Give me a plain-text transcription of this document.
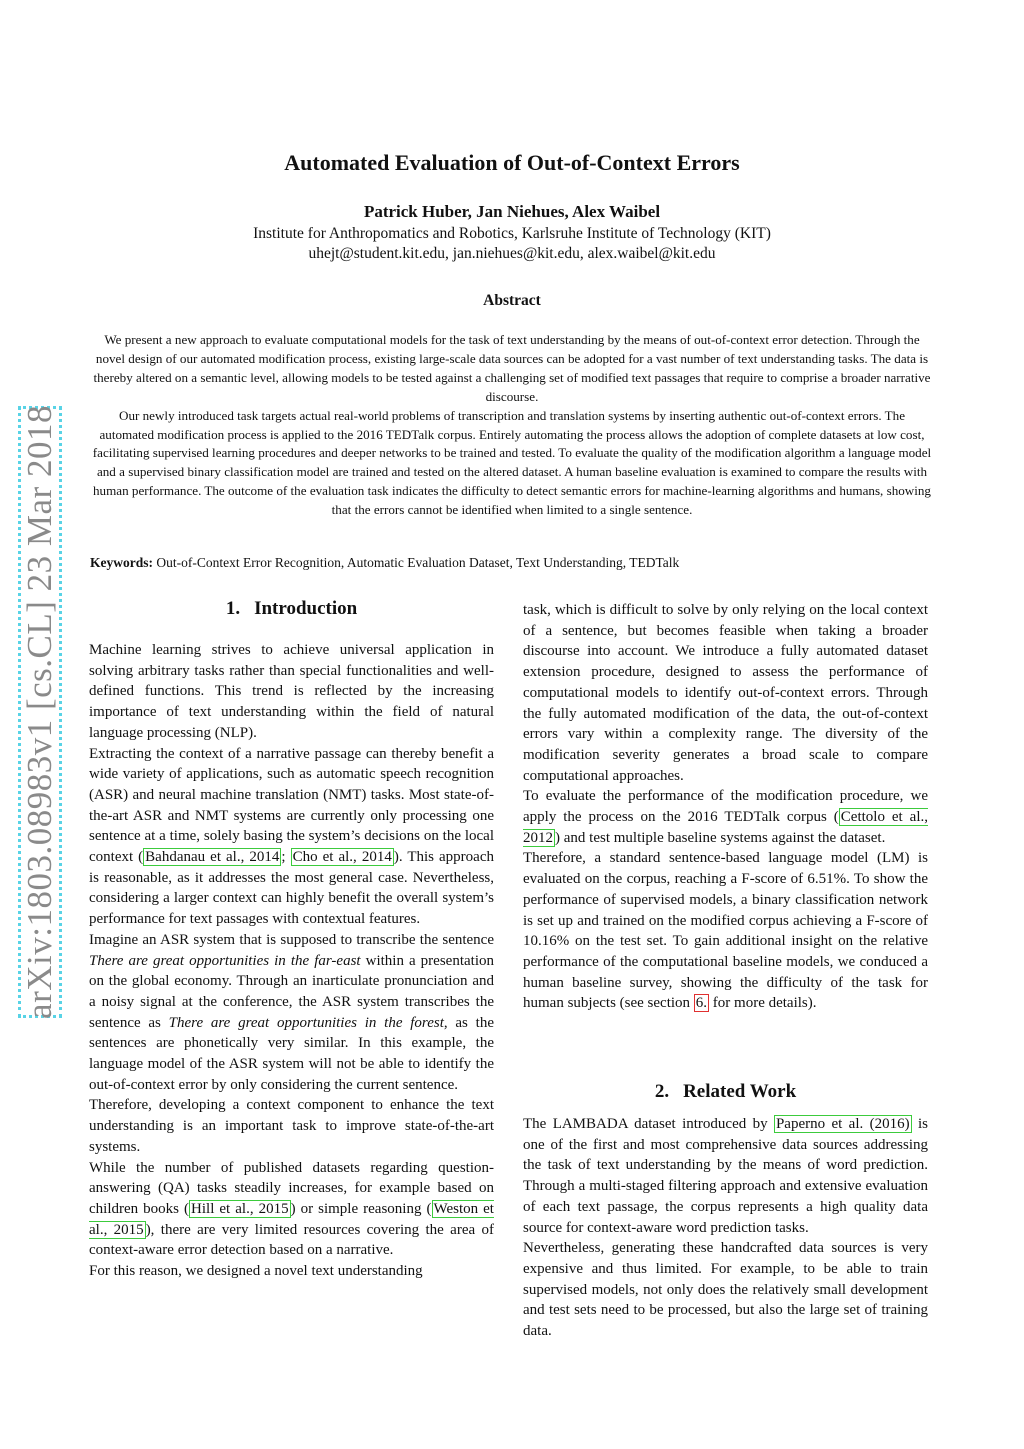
arXiv:1803.08983v1 [cs.CL] 23 Mar 2018
Automated Evaluation of Out-of-Context Errors
Patrick Huber, Jan Niehues, Alex Waibel
Institute for Anthropomatics and Robotics, Karlsruhe Institute of Technology (KIT)
uhejt@student.kit.edu, jan.niehues@kit.edu, alex.waibel@kit.edu
Abstract

We present a new approach to evaluate computational models for the task of text understanding by the means of out-of-context error detection. Through the novel design of our automated modification process, existing large-scale data sources can be adopted for a vast number of text understanding tasks. The data is thereby altered on a semantic level, allowing models to be tested against a challenging set of modified text passages that require to comprise a broader narrative discourse.

Our newly introduced task targets actual real-world problems of transcription and translation systems by inserting authentic out-of-context errors. The automated modification process is applied to the 2016 TEDTalk corpus. Entirely automating the process allows the adoption of complete datasets at low cost, facilitating supervised learning procedures and deeper networks to be trained and tested. To evaluate the quality of the modification algorithm a language model and a supervised binary classification model are trained and tested on the altered dataset. A human baseline evaluation is examined to compare the results with human performance. The outcome of the evaluation task indicates the difficulty to detect semantic errors for machine-learning algorithms and humans, showing that the errors cannot be identified when limited to a single sentence.

Keywords: Out-of-Context Error Recognition, Automatic Evaluation Dataset, Text Understanding, TEDTalk
1. Introduction

Machine learning strives to achieve universal application in solving arbitrary tasks rather than special functionalities and well-defined functions. This trend is reflected by the increasing importance of text understanding within the field of natural language processing (NLP).

Extracting the context of a narrative passage can thereby benefit a wide variety of applications, such as automatic speech recognition (ASR) and neural machine translation (NMT) tasks. Most state-of-the-art ASR and NMT systems are currently only processing one sentence at a time, solely basing the system’s decisions on the local context ( Bahdanau et al., 2014 ; Cho et al., 2014 ). This approach is reasonable, as it addresses the most general case. Nevertheless, considering a larger context can highly benefit the overall system’s performance for text passages with contextual features.

Imagine an ASR system that is supposed to transcribe the sentence There are great opportunities in the far-east within a presentation on the global economy. Through an inarticulate pronunciation and a noisy signal at the conference, the ASR system transcribes the sentence as There are great opportunities in the forest, as the sentences are phonetically very similar. In this example, the language model of the ASR system will not be able to identify the out-of-context error by only considering the current sentence.

Therefore, developing a context component to enhance the text understanding is an important task to improve state-of-the-art systems.

While the number of published datasets regarding question-answering (QA) tasks steadily increases, for example based on children books ( Hill et al., 2015 ) or simple reasoning ( Weston et al., 2015 ), there are very limited resources covering the area of context-aware error detection based on a narrative.

For this reason, we designed a novel text understanding

task, which is difficult to solve by only relying on the local context of a sentence, but becomes feasible when taking a broader discourse into account. We introduce a fully automated dataset extension procedure, designed to assess the performance of computational models to identify out-of-context errors. Through the fully automated modification of the data, the out-of-context errors vary within a complexity range. The diversity of the modification severity generates a broad scale to compare computational approaches.

To evaluate the performance of the modification procedure, we apply the process on the 2016 TEDTalk corpus ( Cettolo et al., 2012 ) and test multiple baseline systems against the dataset.

Therefore, a standard sentence-based language model (LM) is evaluated on the corpus, reaching a F-score of 6.51%. To show the performance of supervised models, a binary classification network is set up and trained on the modified corpus achieving a F-score of 10.16% on the test set. To gain additional insight on the relative performance of the computational baseline models, we conduced a human baseline survey, showing the difficulty of the task for human subjects (see section 6. for more details).

2. Related Work

The LAMBADA dataset introduced by Paperno et al. (2016) is one of the first and most comprehensive data sources addressing the task of text understanding by the means of word prediction. Through a multi-staged filtering approach and extensive evaluation of each text passage, the corpus represents a high quality data source for context-aware word prediction tasks.

Nevertheless, generating these handcrafted data sources is very expensive and thus limited. For example, to be able to train supervised models, not only does the relatively small development and test sets need to be processed, but also the large set of training data.
